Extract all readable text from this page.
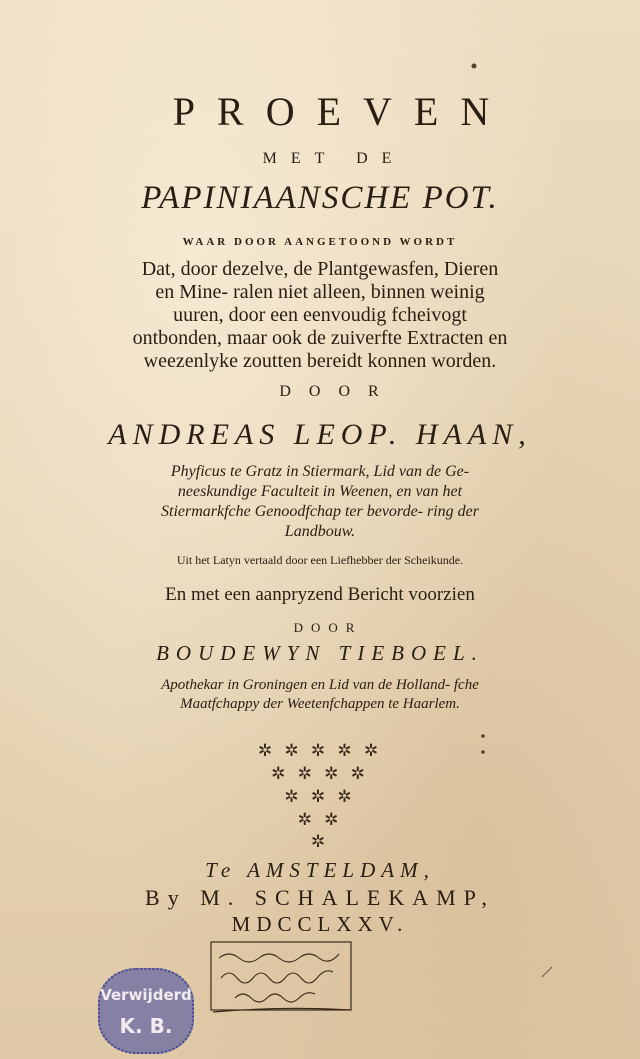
PROEVEN
MET DE
PAPINIAANSCHE POT.
WAAR DOOR AANGETOOND WORDT
Dat, door dezelve, de Plantgewasfen, Dieren en Mine- ralen niet alleen, binnen weinig uuren, door een eenvoudig fcheivogt ontbonden, maar ook de zuiverfte Extracten en weezenlyke zoutten bereidt konnen worden.
DOOR
ANDREAS LEOP. HAAN,
Phyficus te Gratz in Stiermark, Lid van de Ge- neeskundige Faculteit in Weenen, en van het Stiermarkfche Genoodfchap ter bevorde- ring der Landbouw.
Uit het Latyn vertaald door een Liefhebber der Scheikunde.
En met een aanpryzend Bericht voorzien
DOOR
BOUDEWYN TIEBOEL.
Apothekar in Groningen en Lid van de Holland- fche Maatfchappy der Weetenfchappen te Haarlem.
✲ ✲ ✲ ✲ ✲
✲ ✲ ✲ ✲
✲ ✲ ✲
✲ ✲
✲
Te AMSTELDAM,
By M. SCHALEKAMP,
MDCCLXXV.
Verwijderd
K. B.
